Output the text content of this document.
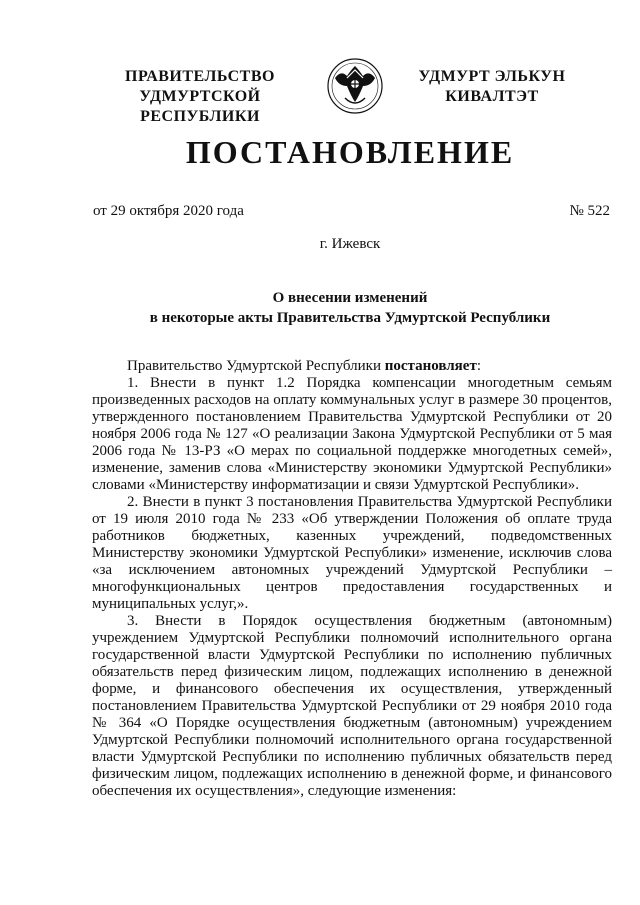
ПРАВИТЕЛЬСТВО
УДМУРТСКОЙ РЕСПУБЛИКИ
УДМУРТ ЭЛЬКУН
КИВАЛТЭТ
ПОСТАНОВЛЕНИЕ
от 29 октября 2020 года	№ 522
г. Ижевск
О внесении изменений
в некоторые акты Правительства Удмуртской Республики

Правительство Удмуртской Республики постановляет:

1. Внести в пункт 1.2 Порядка компенсации многодетным семьям произведенных расходов на оплату коммунальных услуг в размере 30 процентов, утвержденного постановлением Правительства Удмуртской Республики от 20 ноября 2006 года № 127 «О реализации Закона Удмуртской Республики от 5 мая 2006 года № 13-РЗ «О мерах по социальной поддержке многодетных семей», изменение, заменив слова «Министерству экономики Удмуртской Республики» словами «Министерству информатизации и связи Удмуртской Республики».

2. Внести в пункт 3 постановления Правительства Удмуртской Республики от 19 июля 2010 года № 233 «Об утверждении Положения об оплате труда работников бюджетных, казенных учреждений, подведомственных Министерству экономики Удмуртской Республики» изменение, исключив слова «за исключением автономных учреждений Удмуртской Республики – многофункциональных центров предоставления государственных и муниципальных услуг,».

3. Внести в Порядок осуществления бюджетным (автономным) учреждением Удмуртской Республики полномочий исполнительного органа государственной власти Удмуртской Республики по исполнению публичных обязательств перед физическим лицом, подлежащих исполнению в денежной форме, и финансового обеспечения их осуществления, утвержденный постановлением Правительства Удмуртской Республики от 29 ноября 2010 года № 364 «О Порядке осуществления бюджетным (автономным) учреждением Удмуртской Республики полномочий исполнительного органа государственной власти Удмуртской Республики по исполнению публичных обязательств перед физическим лицом, подлежащих исполнению в денежной форме, и финансового обеспечения их осуществления», следующие изменения:
